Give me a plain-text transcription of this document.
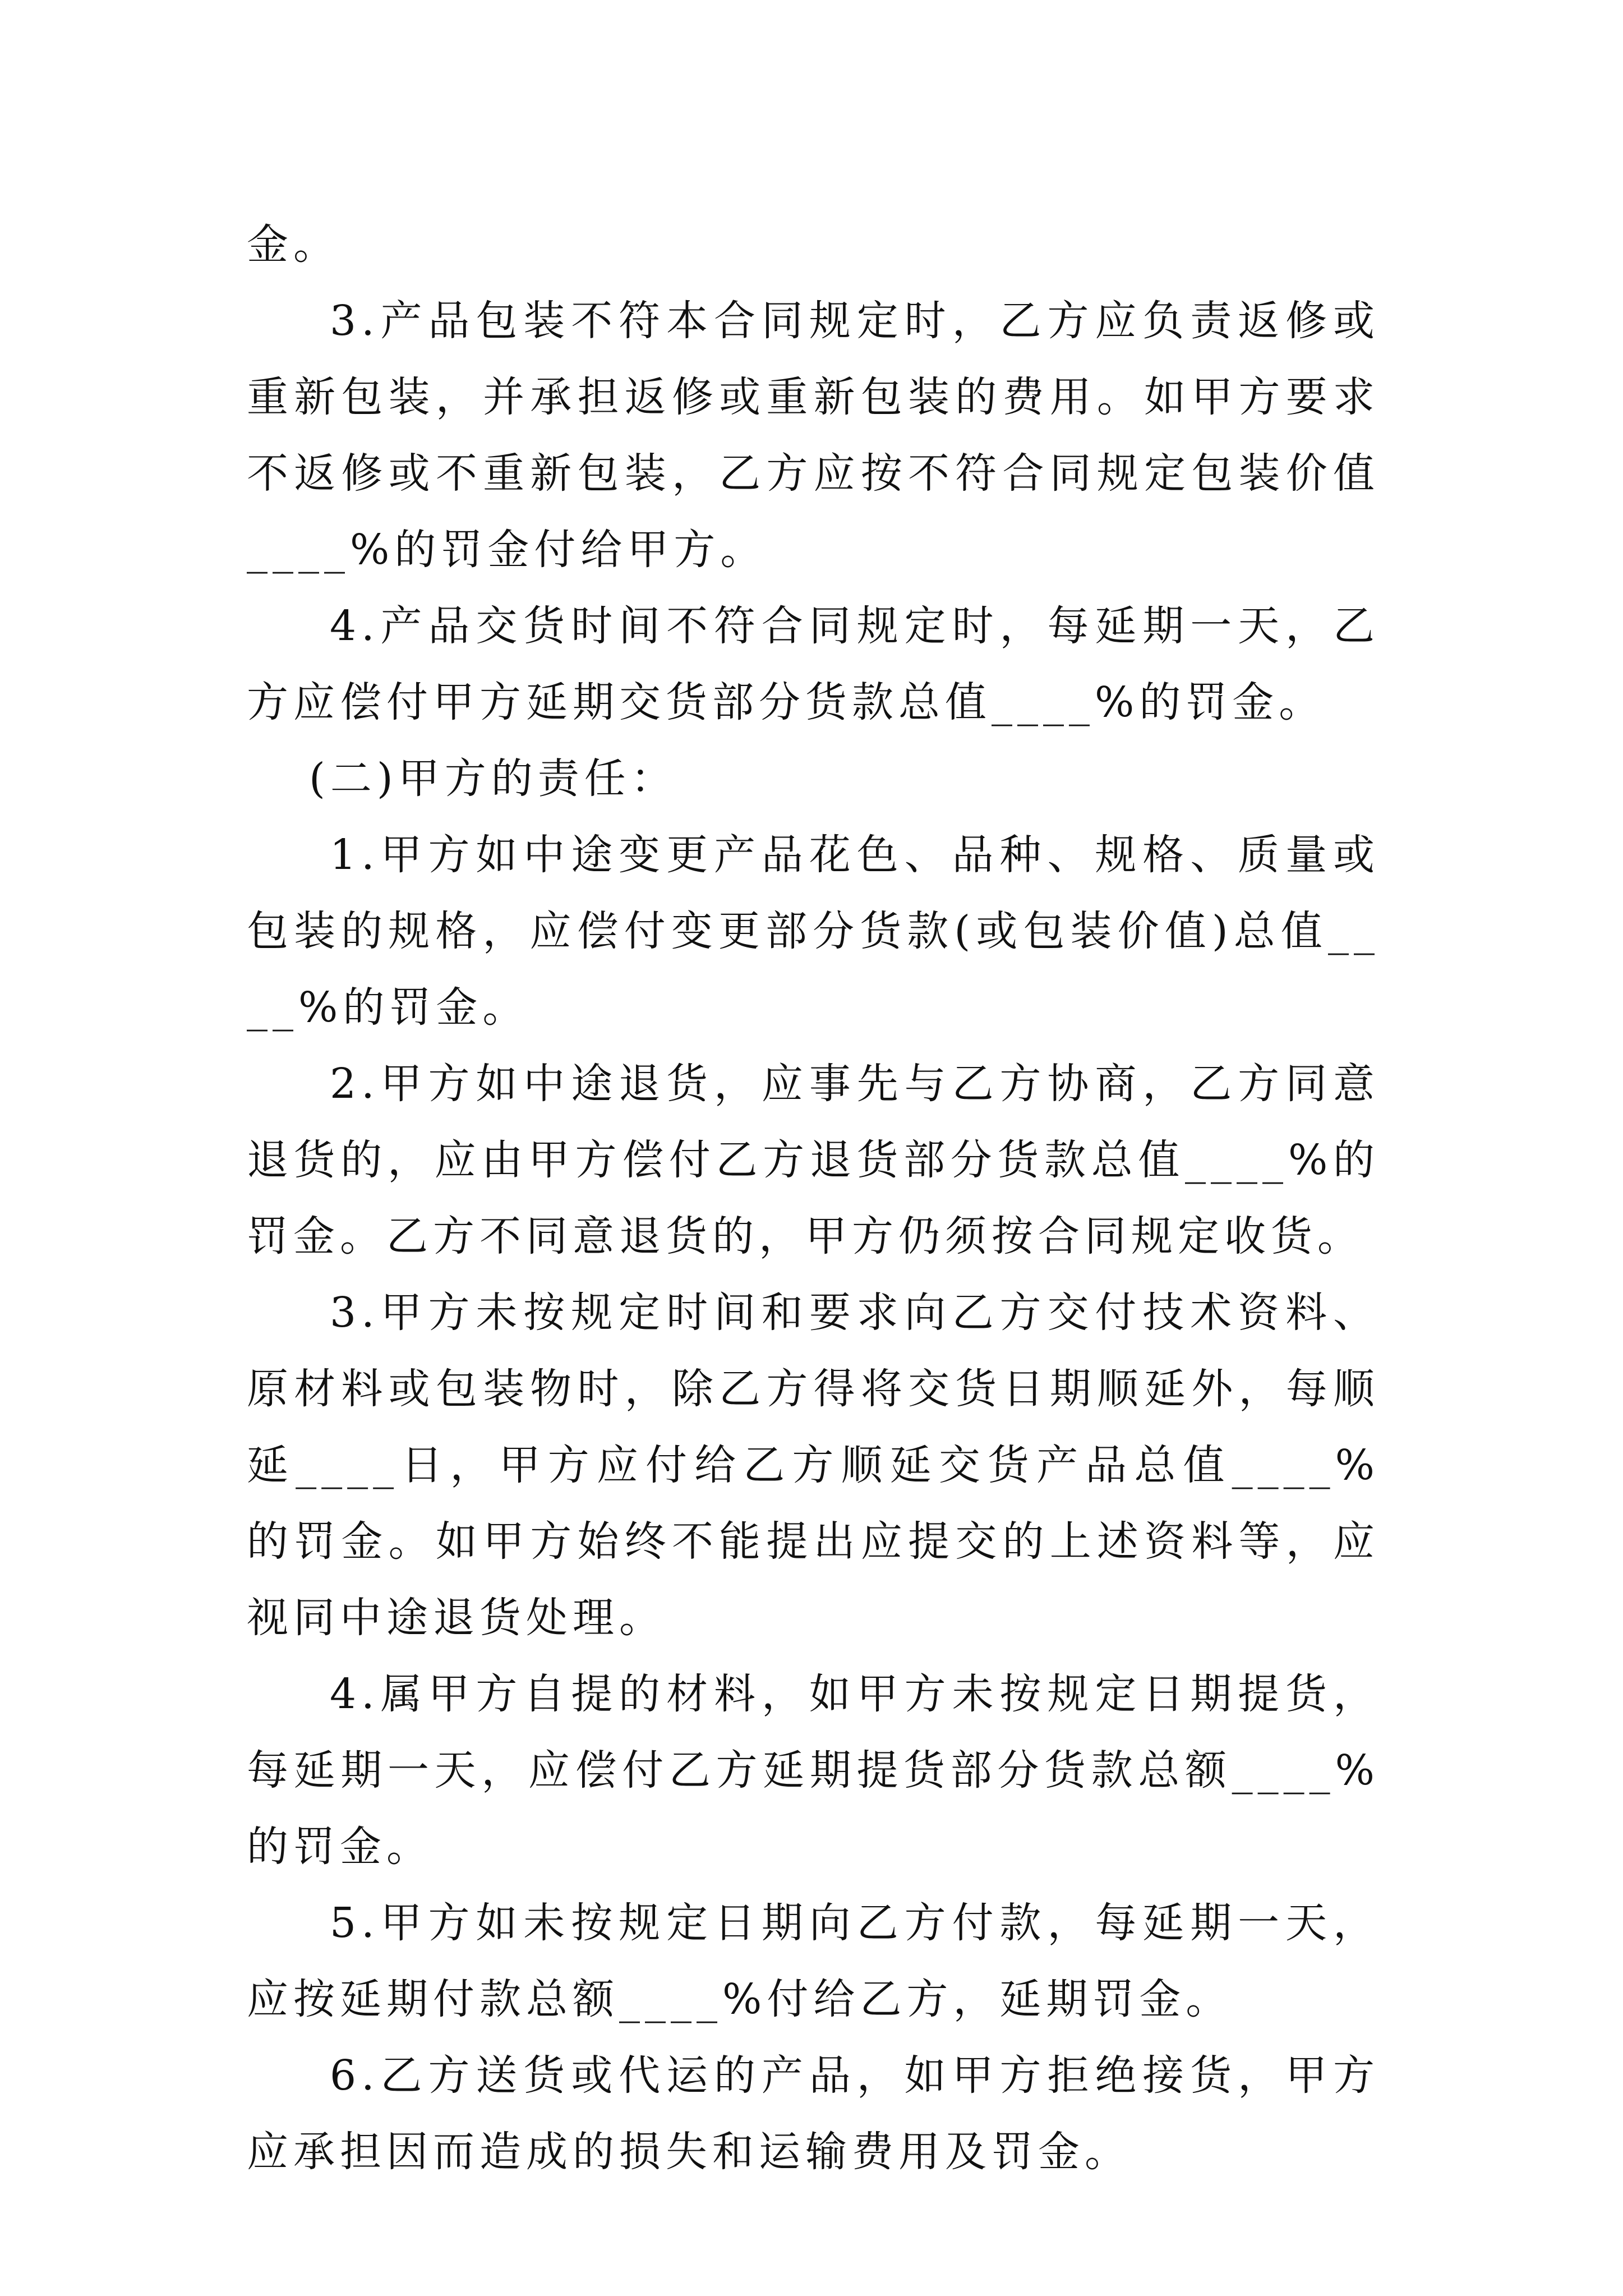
金。

3.产品包装不符本合同规定时，乙方应负责返修或重新包装，并承担返修或重新包装的费用。如甲方要求不返修或不重新包装，乙方应按不符合同规定包装价值____%的罚金付给甲方。

4.产品交货时间不符合同规定时，每延期一天，乙方应偿付甲方延期交货部分货款总值____%的罚金。

(二)甲方的责任：

1.甲方如中途变更产品花色、品种、规格、质量或包装的规格，应偿付变更部分货款(或包装价值)总值____%的罚金。

2.甲方如中途退货，应事先与乙方协商，乙方同意退货的，应由甲方偿付乙方退货部分货款总值____%的罚金。乙方不同意退货的，甲方仍须按合同规定收货。

3.甲方未按规定时间和要求向乙方交付技术资料、原材料或包装物时，除乙方得将交货日期顺延外，每顺延____日，甲方应付给乙方顺延交货产品总值____%的罚金。如甲方始终不能提出应提交的上述资料等，应视同中途退货处理。

4.属甲方自提的材料，如甲方未按规定日期提货，每延期一天，应偿付乙方延期提货部分货款总额____%的罚金。

5.甲方如未按规定日期向乙方付款，每延期一天，应按延期付款总额____%付给乙方，延期罚金。

6.乙方送货或代运的产品，如甲方拒绝接货，甲方应承担因而造成的损失和运输费用及罚金。
